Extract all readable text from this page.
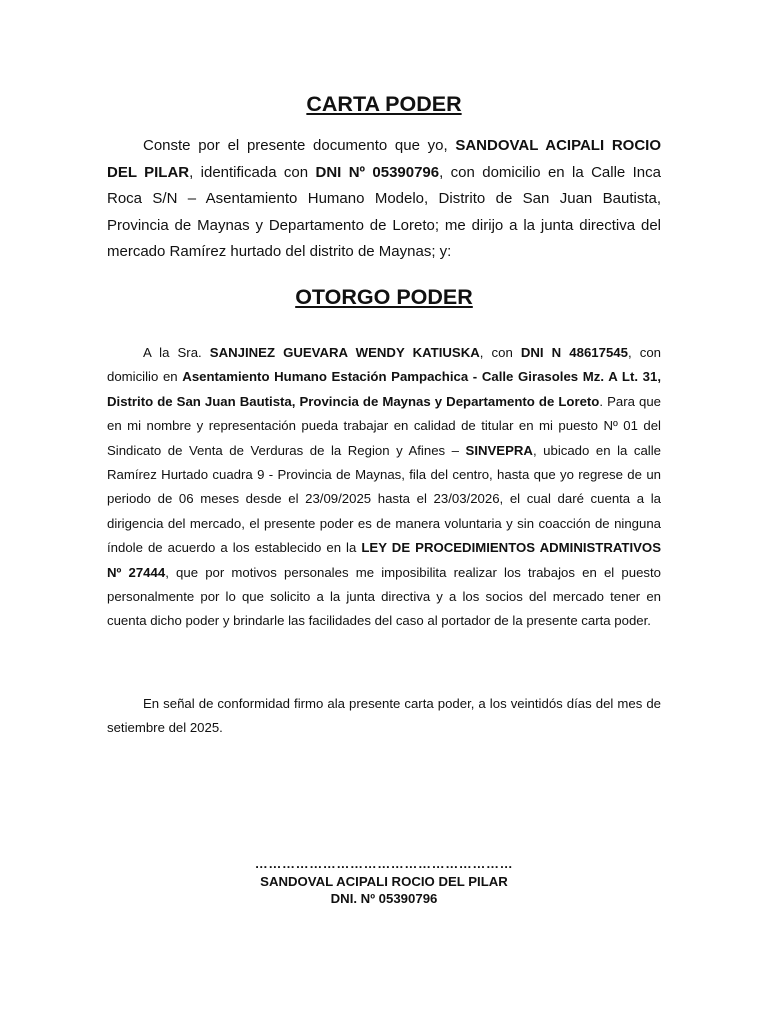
CARTA PODER

Conste por el presente documento que yo, SANDOVAL ACIPALI ROCIO DEL PILAR, identificada con DNI Nº 05390796, con domicilio en la Calle Inca Roca S/N – Asentamiento Humano Modelo, Distrito de San Juan Bautista, Provincia de Maynas y Departamento de Loreto; me dirijo a la junta directiva del mercado Ramírez hurtado del distrito de Maynas; y:

OTORGO PODER

A la Sra. SANJINEZ GUEVARA WENDY KATIUSKA, con DNI N 48617545, con domicilio en Asentamiento Humano Estación Pampachica - Calle Girasoles Mz. A Lt. 31, Distrito de San Juan Bautista, Provincia de Maynas y Departamento de Loreto. Para que en mi nombre y representación pueda trabajar en calidad de titular en mi puesto Nº 01 del Sindicato de Venta de Verduras de la Region y Afines – SINVEPRA, ubicado en la calle Ramírez Hurtado cuadra 9 - Provincia de Maynas, fila del centro, hasta que yo regrese de un periodo de 06 meses desde el 23/09/2025 hasta el 23/03/2026, el cual daré cuenta a la dirigencia del mercado, el presente poder es de manera voluntaria y sin coacción de ninguna índole de acuerdo a los establecido en la LEY DE PROCEDIMIENTOS ADMINISTRATIVOS Nº 27444, que por motivos personales me imposibilita realizar los trabajos en el puesto personalmente por lo que solicito a la junta directiva y a los socios del mercado tener en cuenta dicho poder y brindarle las facilidades del caso al portador de la presente carta poder.

En señal de conformidad firmo ala presente carta poder, a los veintidós días del mes de setiembre del 2025.

…………………………………………………
SANDOVAL ACIPALI ROCIO DEL PILAR
DNI. Nº 05390796
